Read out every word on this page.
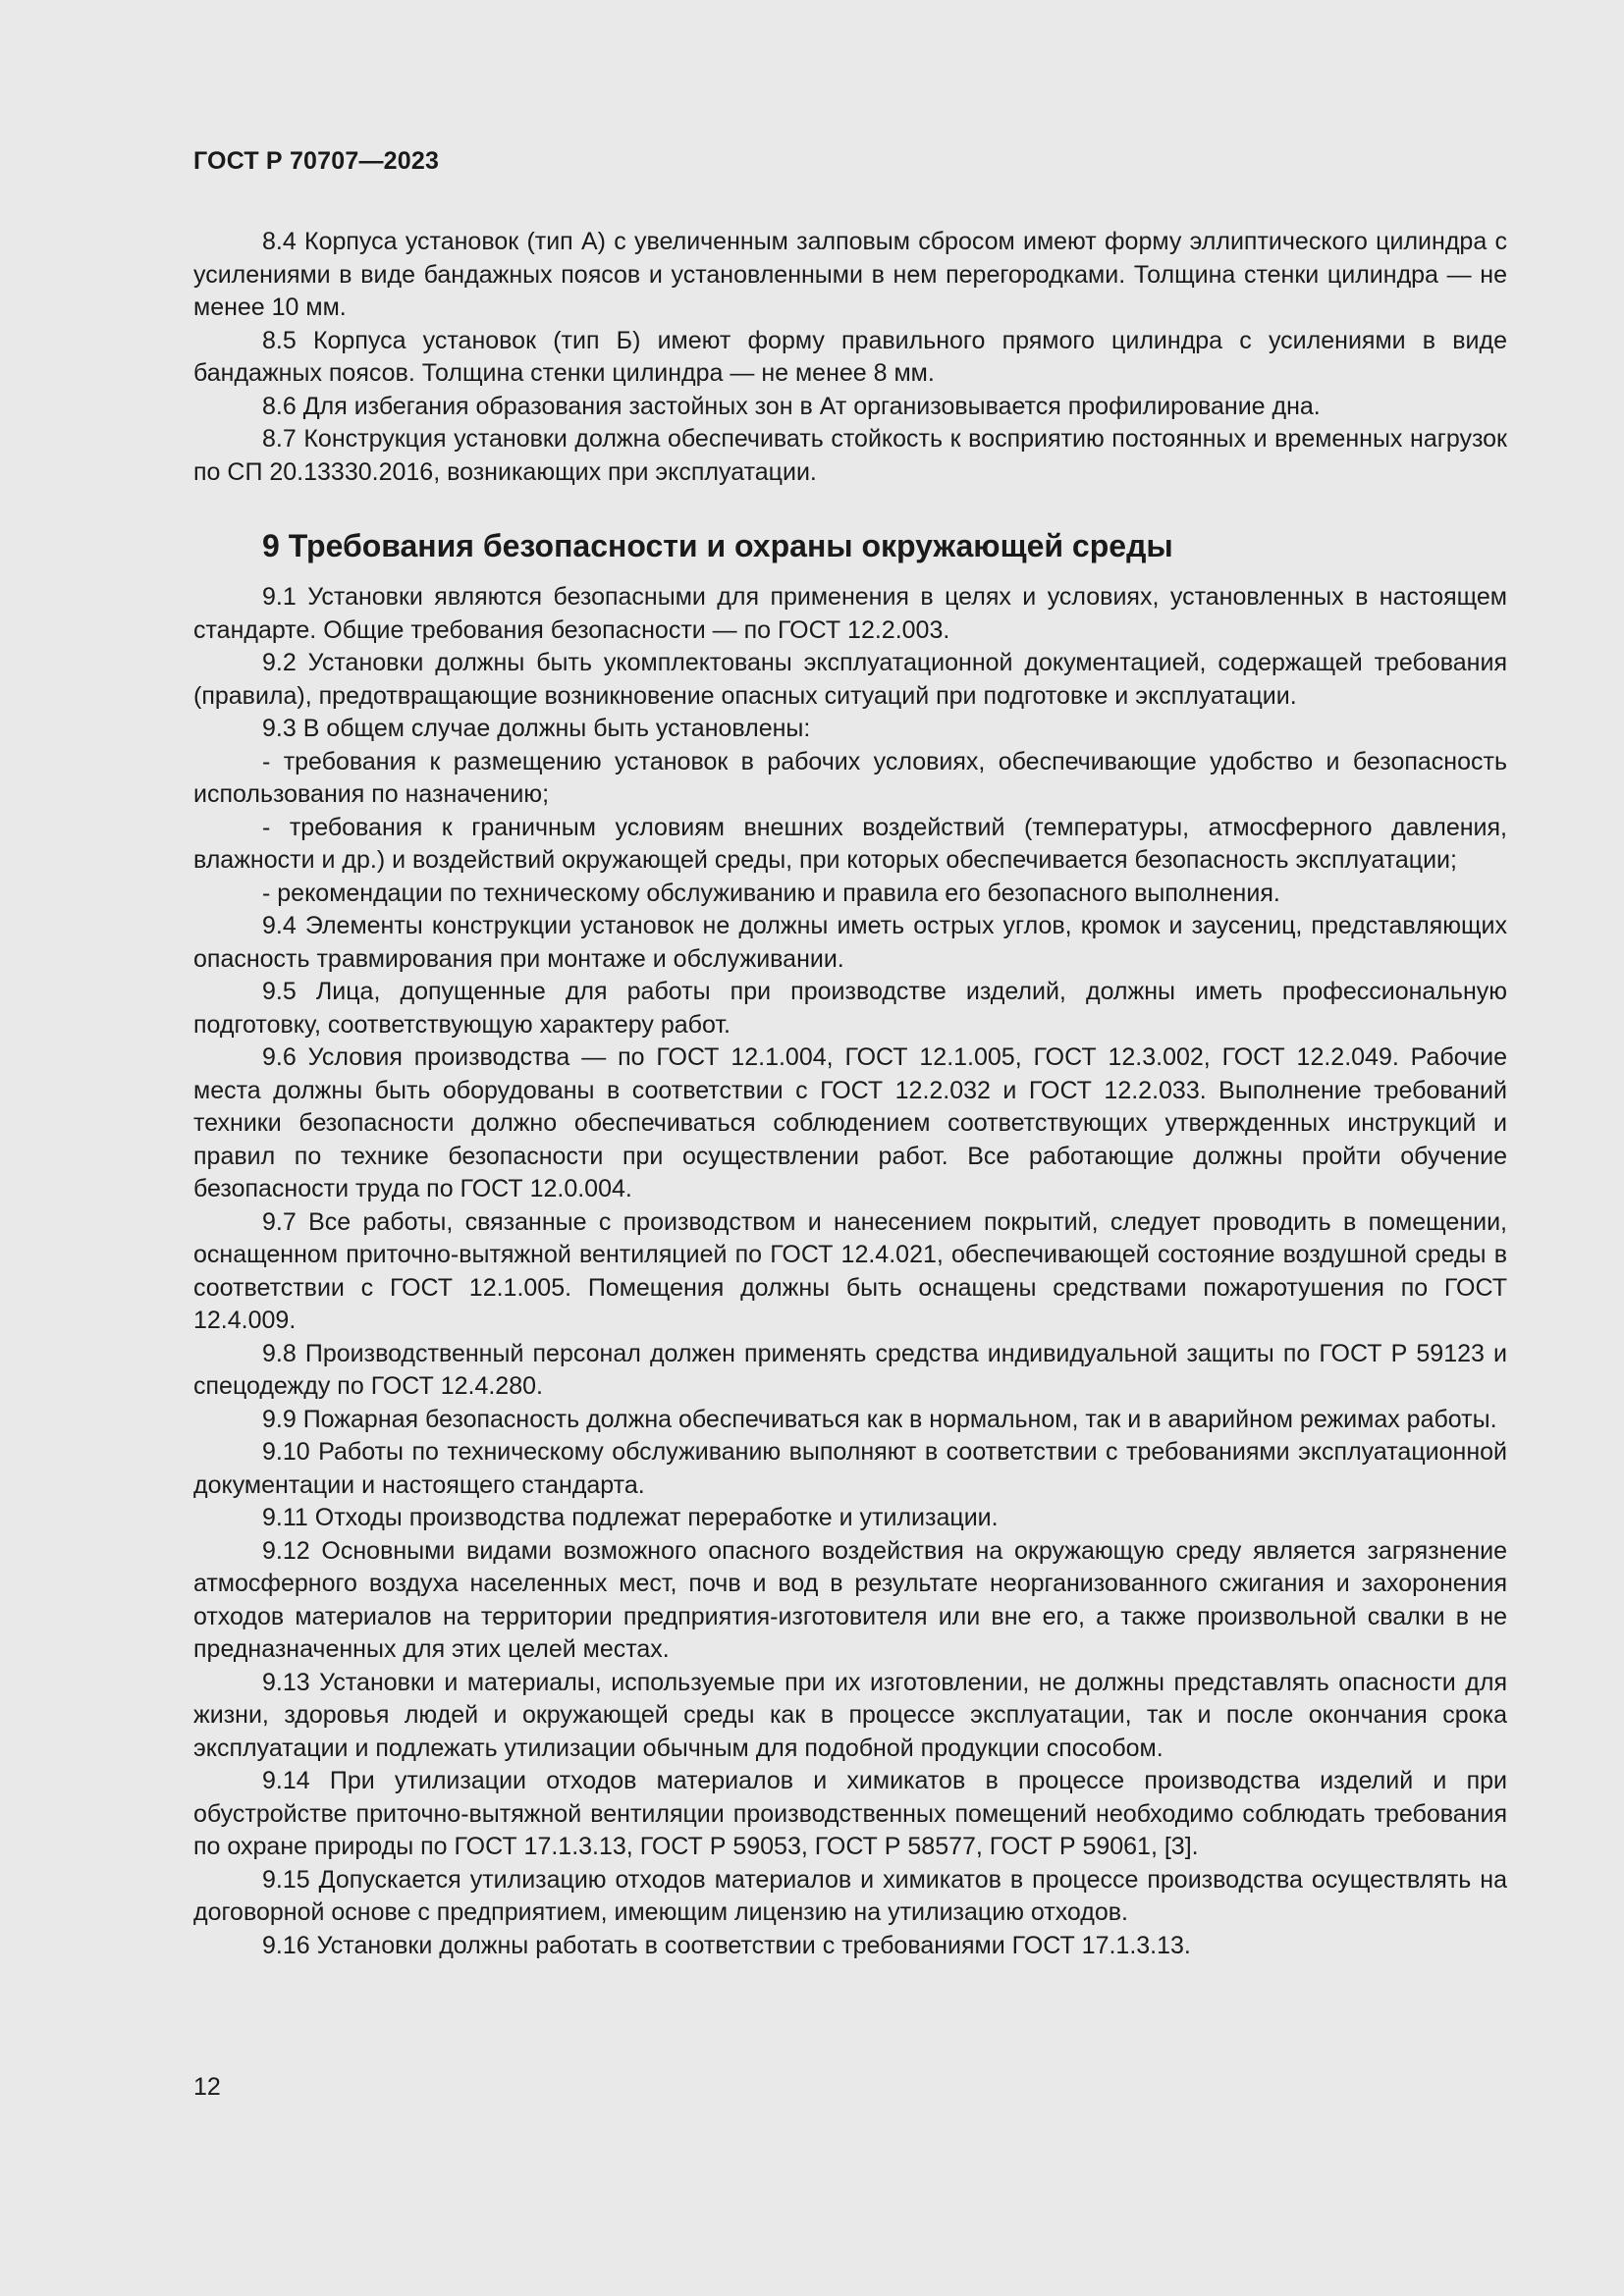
ГОСТ Р 70707—2023

8.4 Корпуса установок (тип А) с увеличенным залповым сбросом имеют форму эллиптического цилиндра с усилениями в виде бандажных поясов и установленными в нем перегородками. Толщина стенки цилиндра — не менее 10 мм.

8.5 Корпуса установок (тип Б) имеют форму правильного прямого цилиндра с усилениями в виде бандажных поясов. Толщина стенки цилиндра — не менее 8 мм.

8.6 Для избегания образования застойных зон в Ат организовывается профилирование дна.

8.7 Конструкция установки должна обеспечивать стойкость к восприятию постоянных и временных нагрузок по СП 20.13330.2016, возникающих при эксплуатации.

9 Требования безопасности и охраны окружающей среды

9.1 Установки являются безопасными для применения в целях и условиях, установленных в настоящем стандарте. Общие требования безопасности — по ГОСТ 12.2.003.

9.2 Установки должны быть укомплектованы эксплуатационной документацией, содержащей требования (правила), предотвращающие возникновение опасных ситуаций при подготовке и эксплуатации.

9.3 В общем случае должны быть установлены:

- требования к размещению установок в рабочих условиях, обеспечивающие удобство и безопасность использования по назначению;

- требования к граничным условиям внешних воздействий (температуры, атмосферного давления, влажности и др.) и воздействий окружающей среды, при которых обеспечивается безопасность эксплуатации;

- рекомендации по техническому обслуживанию и правила его безопасного выполнения.

9.4 Элементы конструкции установок не должны иметь острых углов, кромок и заусениц, представляющих опасность травмирования при монтаже и обслуживании.

9.5 Лица, допущенные для работы при производстве изделий, должны иметь профессиональную подготовку, соответствующую характеру работ.

9.6 Условия производства — по ГОСТ 12.1.004, ГОСТ 12.1.005, ГОСТ 12.3.002, ГОСТ 12.2.049. Рабочие места должны быть оборудованы в соответствии с ГОСТ 12.2.032 и ГОСТ 12.2.033. Выполнение требований техники безопасности должно обеспечиваться соблюдением соответствующих утвержденных инструкций и правил по технике безопасности при осуществлении работ. Все работающие должны пройти обучение безопасности труда по ГОСТ 12.0.004.

9.7 Все работы, связанные с производством и нанесением покрытий, следует проводить в помещении, оснащенном приточно-вытяжной вентиляцией по ГОСТ 12.4.021, обеспечивающей состояние воздушной среды в соответствии с ГОСТ 12.1.005. Помещения должны быть оснащены средствами пожаротушения по ГОСТ 12.4.009.

9.8 Производственный персонал должен применять средства индивидуальной защиты по ГОСТ Р 59123 и спецодежду по ГОСТ 12.4.280.

9.9 Пожарная безопасность должна обеспечиваться как в нормальном, так и в аварийном режимах работы.

9.10 Работы по техническому обслуживанию выполняют в соответствии с требованиями эксплуатационной документации и настоящего стандарта.

9.11 Отходы производства подлежат переработке и утилизации.

9.12 Основными видами возможного опасного воздействия на окружающую среду является загрязнение атмосферного воздуха населенных мест, почв и вод в результате неорганизованного сжигания и захоронения отходов материалов на территории предприятия-изготовителя или вне его, а также произвольной свалки в не предназначенных для этих целей местах.

9.13 Установки и материалы, используемые при их изготовлении, не должны представлять опасности для жизни, здоровья людей и окружающей среды как в процессе эксплуатации, так и после окончания срока эксплуатации и подлежать утилизации обычным для подобной продукции способом.

9.14 При утилизации отходов материалов и химикатов в процессе производства изделий и при обустройстве приточно-вытяжной вентиляции производственных помещений необходимо соблюдать требования по охране природы по ГОСТ 17.1.3.13, ГОСТ Р 59053, ГОСТ Р 58577, ГОСТ Р 59061, [3].

9.15 Допускается утилизацию отходов материалов и химикатов в процессе производства осуществлять на договорной основе с предприятием, имеющим лицензию на утилизацию отходов.

9.16 Установки должны работать в соответствии с требованиями ГОСТ 17.1.3.13.

12
